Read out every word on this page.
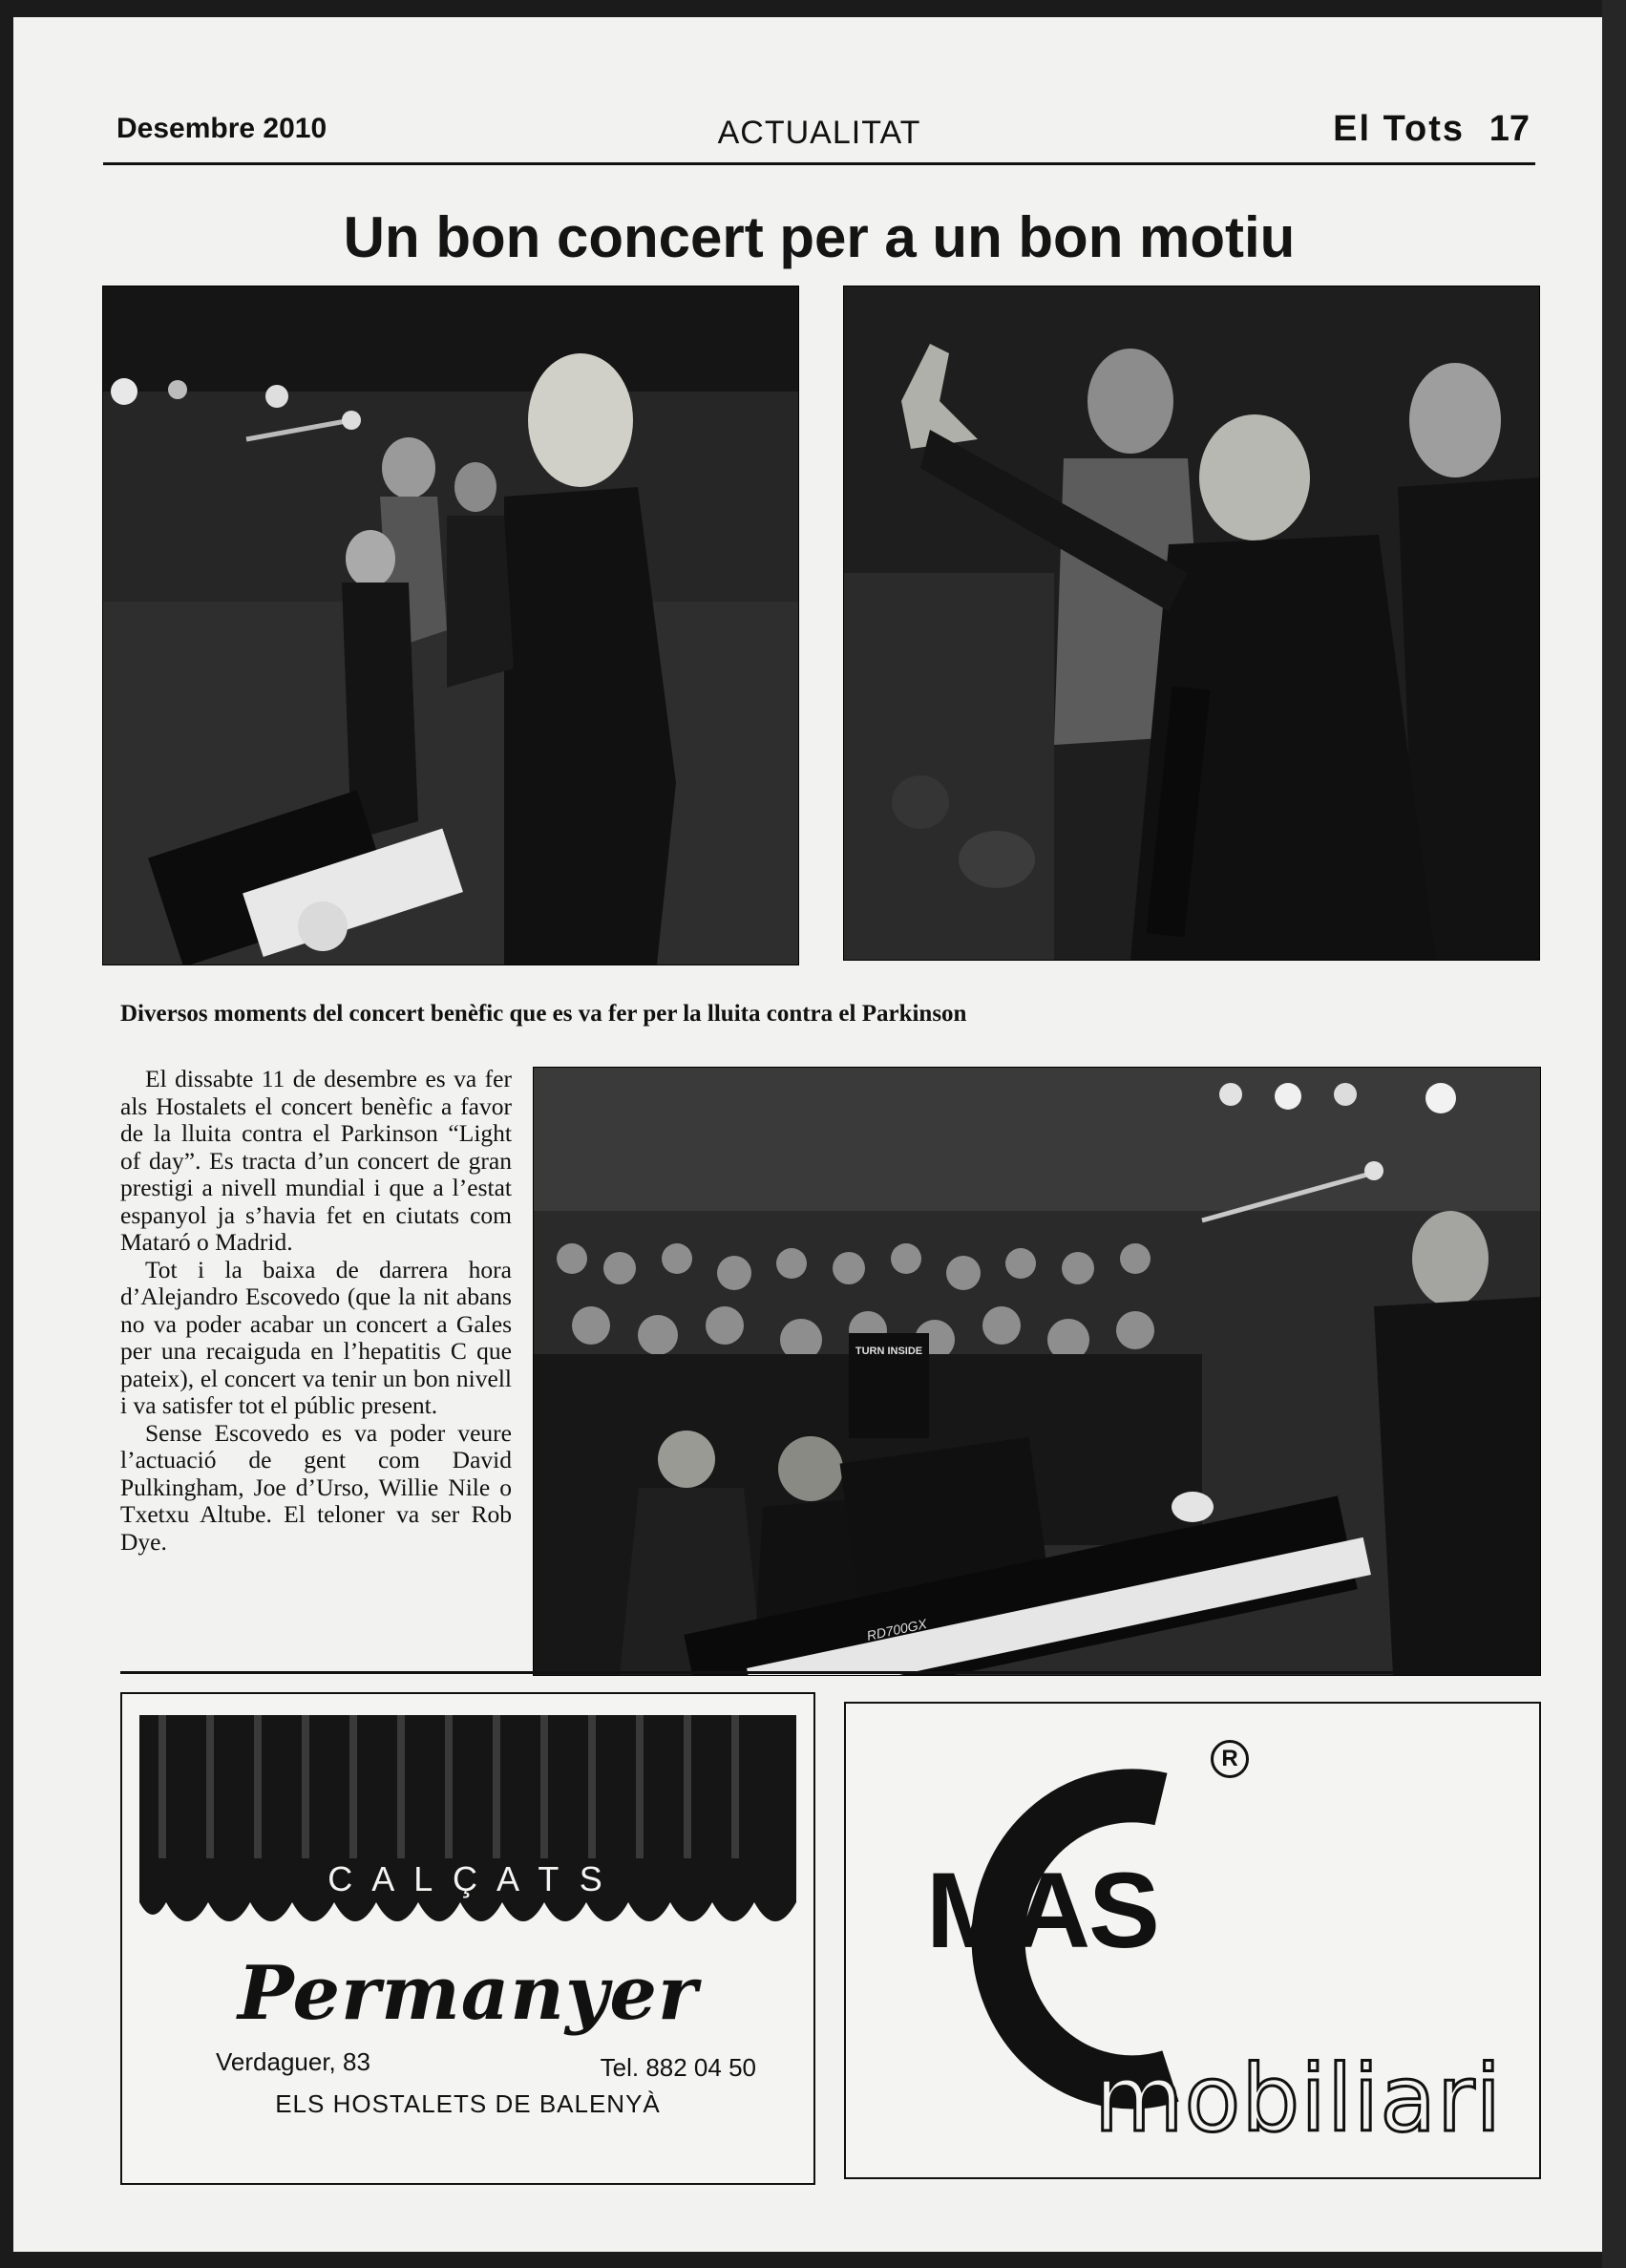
Desembre 2010	ACTUALITAT	El Tots 17
Un bon concert per a un bon motiu
Diversos moments del concert benèfic que es va fer per la lluita contra el Parkinson

El dissabte 11 de desembre es va fer als Hostalets el concert benèfic a favor de la lluita contra el Parkinson “Light of day”. Es tracta d’un concert de gran prestigi a nivell mundial i que a l’estat espanyol ja s’havia fet en ciutats com Mataró o Madrid.

Tot i la baixa de darrera hora d’Alejandro Escovedo (que la nit abans no va poder acabar un concert a Gales per una recaiguda en l’hepatitis C que pateix), el concert va tenir un bon nivell i va satisfer tot el públic present.

Sense Escovedo es va poder veure l’actuació de gent com David Pulkingham, Joe d’Urso, Willie Nile o Txetxu Altube. El teloner va ser Rob Dye.

TURN INSIDE
RD700GX
C A L Ç A T S
Permanyer
Verdaguer, 83	Tel. 882 04 50
ELS HOSTALETS DE BALENYÀ
MAS
R
mobiliari
